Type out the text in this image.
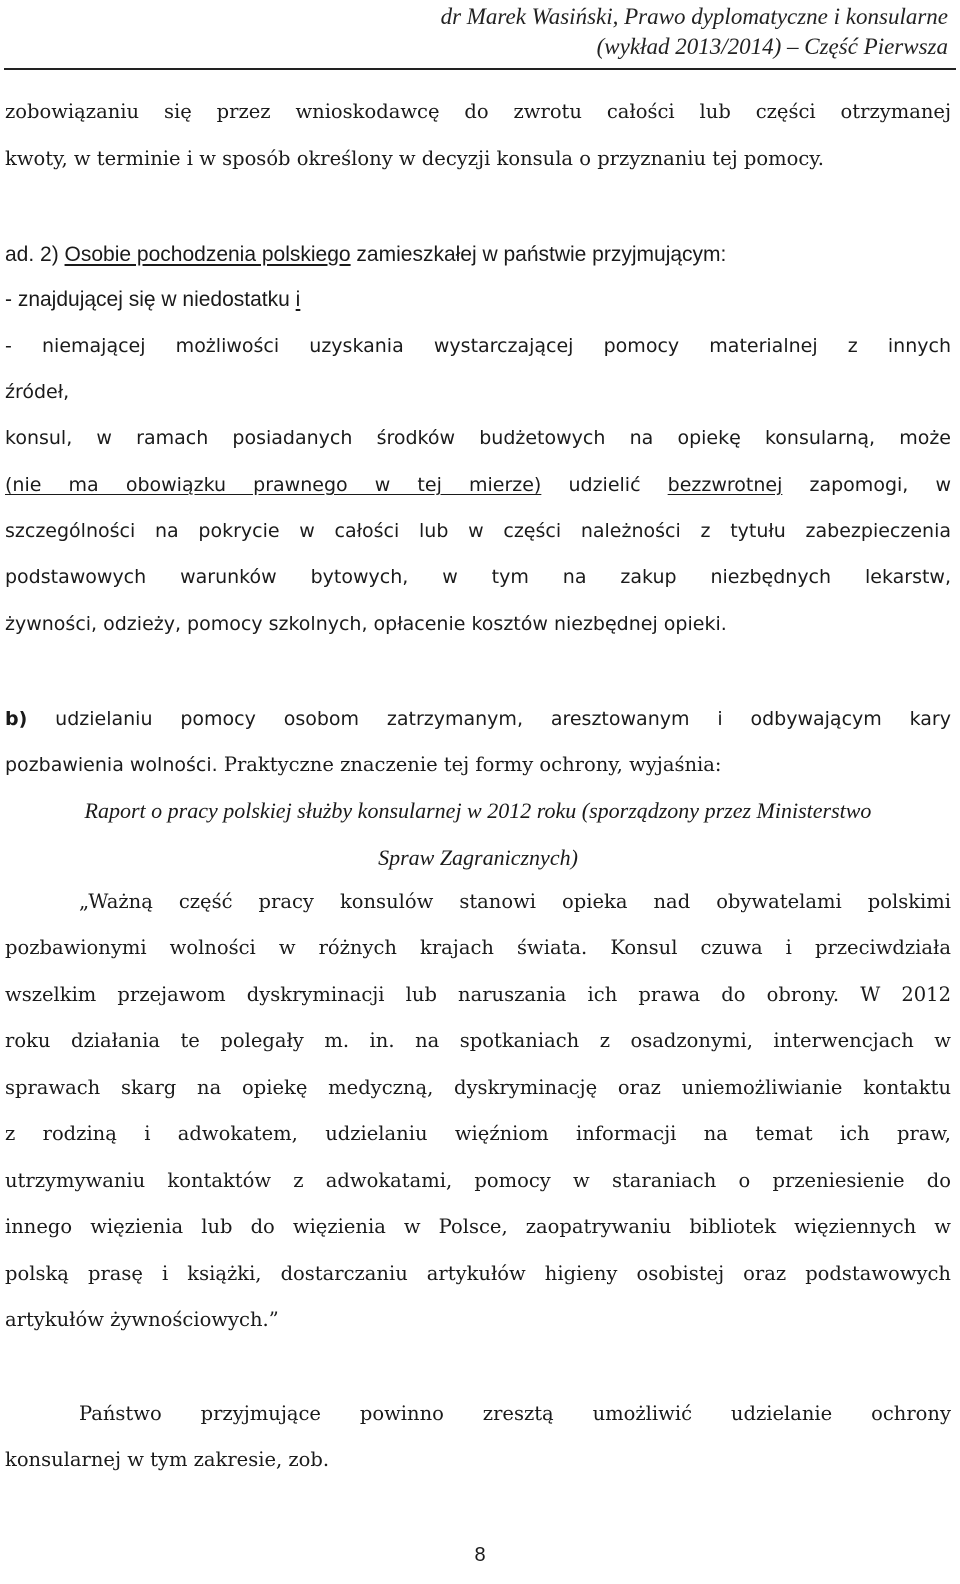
dr Marek Wasiński, Prawo dyplomatyczne i konsularne
(wykład 2013/2014) – Część Pierwsza
zobowiązaniu się przez wnioskodawcę do zwrotu całości lub części otrzymanej
kwoty, w terminie i w sposób określony w decyzji konsula o przyznaniu tej pomocy.
ad. 2) Osobie pochodzenia polskiego zamieszkałej w państwie przyjmującym:
- znajdującej się w niedostatku i
- niemającej możliwości uzyskania wystarczającej pomocy materialnej z innych
źródeł,
konsul, w ramach posiadanych środków budżetowych na opiekę konsularną, może
(nie ma obowiązku prawnego w tej mierze) udzielić bezzwrotnej zapomogi, w
szczególności na pokrycie w całości lub w części należności z tytułu zabezpieczenia
podstawowych warunków bytowych, w tym na zakup niezbędnych lekarstw,
żywności, odzieży, pomocy szkolnych, opłacenie kosztów niezbędnej opieki.
b) udzielaniu pomocy osobom zatrzymanym, aresztowanym i odbywającym kary
pozbawienia wolności. Praktyczne znaczenie tej formy ochrony, wyjaśnia:
Raport o pracy polskiej służby konsularnej w 2012 roku (sporządzony przez Ministerstwo
Spraw Zagranicznych)
„Ważną część pracy konsulów stanowi opieka nad obywatelami polskimi
pozbawionymi wolności w różnych krajach świata. Konsul czuwa i przeciwdziała
wszelkim przejawom dyskryminacji lub naruszania ich prawa do obrony. W 2012
roku działania te polegały m. in. na spotkaniach z osadzonymi, interwencjach w
sprawach skarg na opiekę medyczną, dyskryminację oraz uniemożliwianie kontaktu
z rodziną i adwokatem, udzielaniu więźniom informacji na temat ich praw,
utrzymywaniu kontaktów z adwokatami, pomocy w staraniach o przeniesienie do
innego więzienia lub do więzienia w Polsce, zaopatrywaniu bibliotek więziennych w
polską prasę i książki, dostarczaniu artykułów higieny osobistej oraz podstawowych
artykułów żywnościowych.”
Państwo przyjmujące powinno zresztą umożliwić udzielanie ochrony
konsularnej w tym zakresie, zob.
8
